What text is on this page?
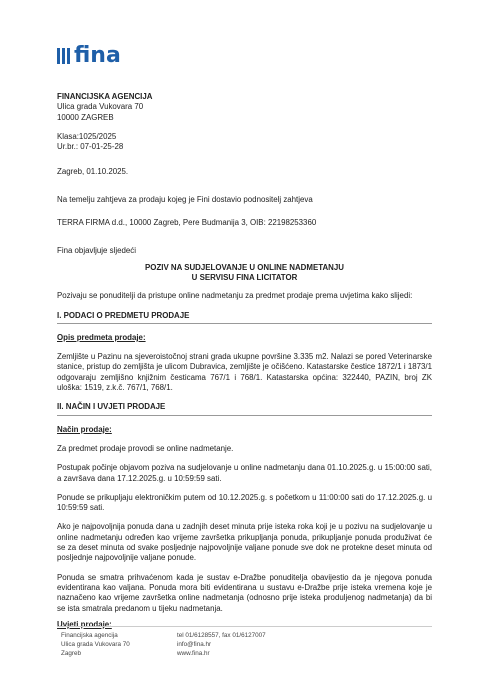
fina

FINANCIJSKA AGENCIJA

Ulica grada Vukovara 70

10000 ZAGREB

Klasa:1025/2025

Ur.br.: 07-01-25-28

Zagreb, 01.10.2025.

Na temelju zahtjeva za prodaju kojeg je Fini dostavio podnositelj zahtjeva

TERRA FIRMA d.d., 10000 Zagreb, Pere Budmanija 3, OIB: 22198253360

Fina objavljuje sljedeći

POZIV NA SUDJELOVANJE U ONLINE NADMETANJU

U SERVISU FINA LICITATOR

Pozivaju se ponuditelji da pristupe online nadmetanju za predmet prodaje prema uvjetima kako slijedi:

I. PODACI O PREDMETU PRODAJE

Opis predmeta prodaje:

Zemljište u Pazinu na sjeveroistočnoj strani grada ukupne površine 3.335 m2. Nalazi se pored Veterinarske stanice, pristup do zemljišta je ulicom Dubravica, zemljište je očišćeno. Katastarske čestice 1872/1 i 1873/1 odgovaraju zemljišno knjižnim česticama 767/1 i 768/1. Katastarska općina: 322440, PAZIN, broj ZK uloška: 1519, z.k.č. 767/1, 768/1.

II. NAČIN I UVJETI PRODAJE

Način prodaje:

Za predmet prodaje provodi se online nadmetanje.

Postupak počinje objavom poziva na sudjelovanje u online nadmetanju dana 01.10.2025.g. u 15:00:00 sati, a završava dana 17.12.2025.g. u 10:59:59 sati.

Ponude se prikupljaju elektroničkim putem od 10.12.2025.g. s početkom u 11:00:00 sati do 17.12.2025.g. u 10:59:59 sati.

Ako je najpovoljnija ponuda dana u zadnjih deset minuta prije isteka roka koji je u pozivu na sudjelovanje u online nadmetanju određen kao vrijeme završetka prikupljanja ponuda, prikupljanje ponuda produživat će se za deset minuta od svake posljednje najpovoljnije valjane ponude sve dok ne protekne deset minuta od posljednje najpovoljnije valjane ponude.

Ponuda se smatra prihvaćenom kada je sustav e-Dražbe ponuditelja obavijestio da je njegova ponuda evidentirana kao valjana. Ponuda mora biti evidentirana u sustavu e-Dražbe prije isteka vremena koje je naznačeno kao vrijeme završetka online nadmetanja (odnosno prije isteka produljenog nadmetanja) da bi se ista smatrala predanom u tijeku nadmetanja.

Uvjeti prodaje:

Financijska agencija
Ulica grada Vukovara 70
Zagreb
tel 01/6128557, fax 01/6127007
info@fina.hr
www.fina.hr
